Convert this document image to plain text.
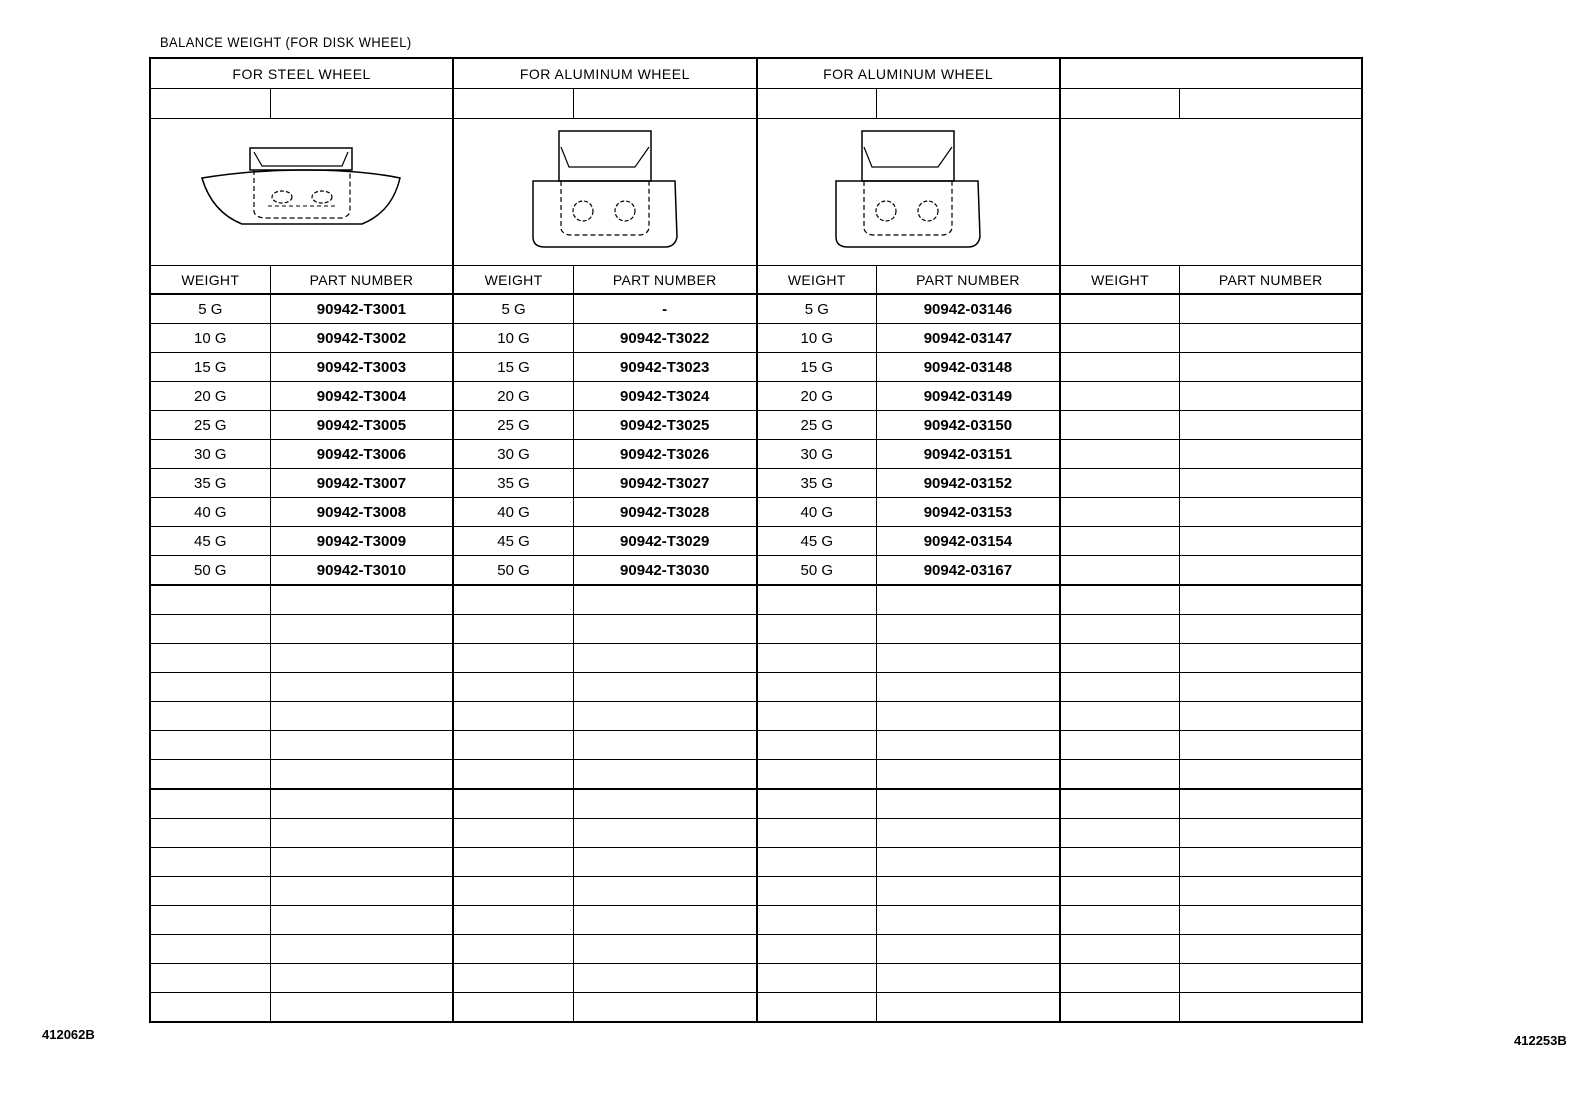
BALANCE WEIGHT (FOR DISK WHEEL)
FOR STEEL WHEEL		FOR ALUMINUM WHEEL		FOR ALUMINUM WHEEL			

WEIGHT	PART NUMBER	WEIGHT	PART NUMBER	WEIGHT	PART NUMBER	WEIGHT	PART NUMBER
5 G	90942-T3001	5 G	-	5 G	90942-03146		
10 G	90942-T3002	10 G	90942-T3022	10 G	90942-03147		
15 G	90942-T3003	15 G	90942-T3023	15 G	90942-03148		
20 G	90942-T3004	20 G	90942-T3024	20 G	90942-03149		
25 G	90942-T3005	25 G	90942-T3025	25 G	90942-03150		
30 G	90942-T3006	30 G	90942-T3026	30 G	90942-03151		
35 G	90942-T3007	35 G	90942-T3027	35 G	90942-03152		
40 G	90942-T3008	40 G	90942-T3028	40 G	90942-03153		
45 G	90942-T3009	45 G	90942-T3029	45 G	90942-03154		
50 G	90942-T3010	50 G	90942-T3030	50 G	90942-03167		

412062B	412253B
